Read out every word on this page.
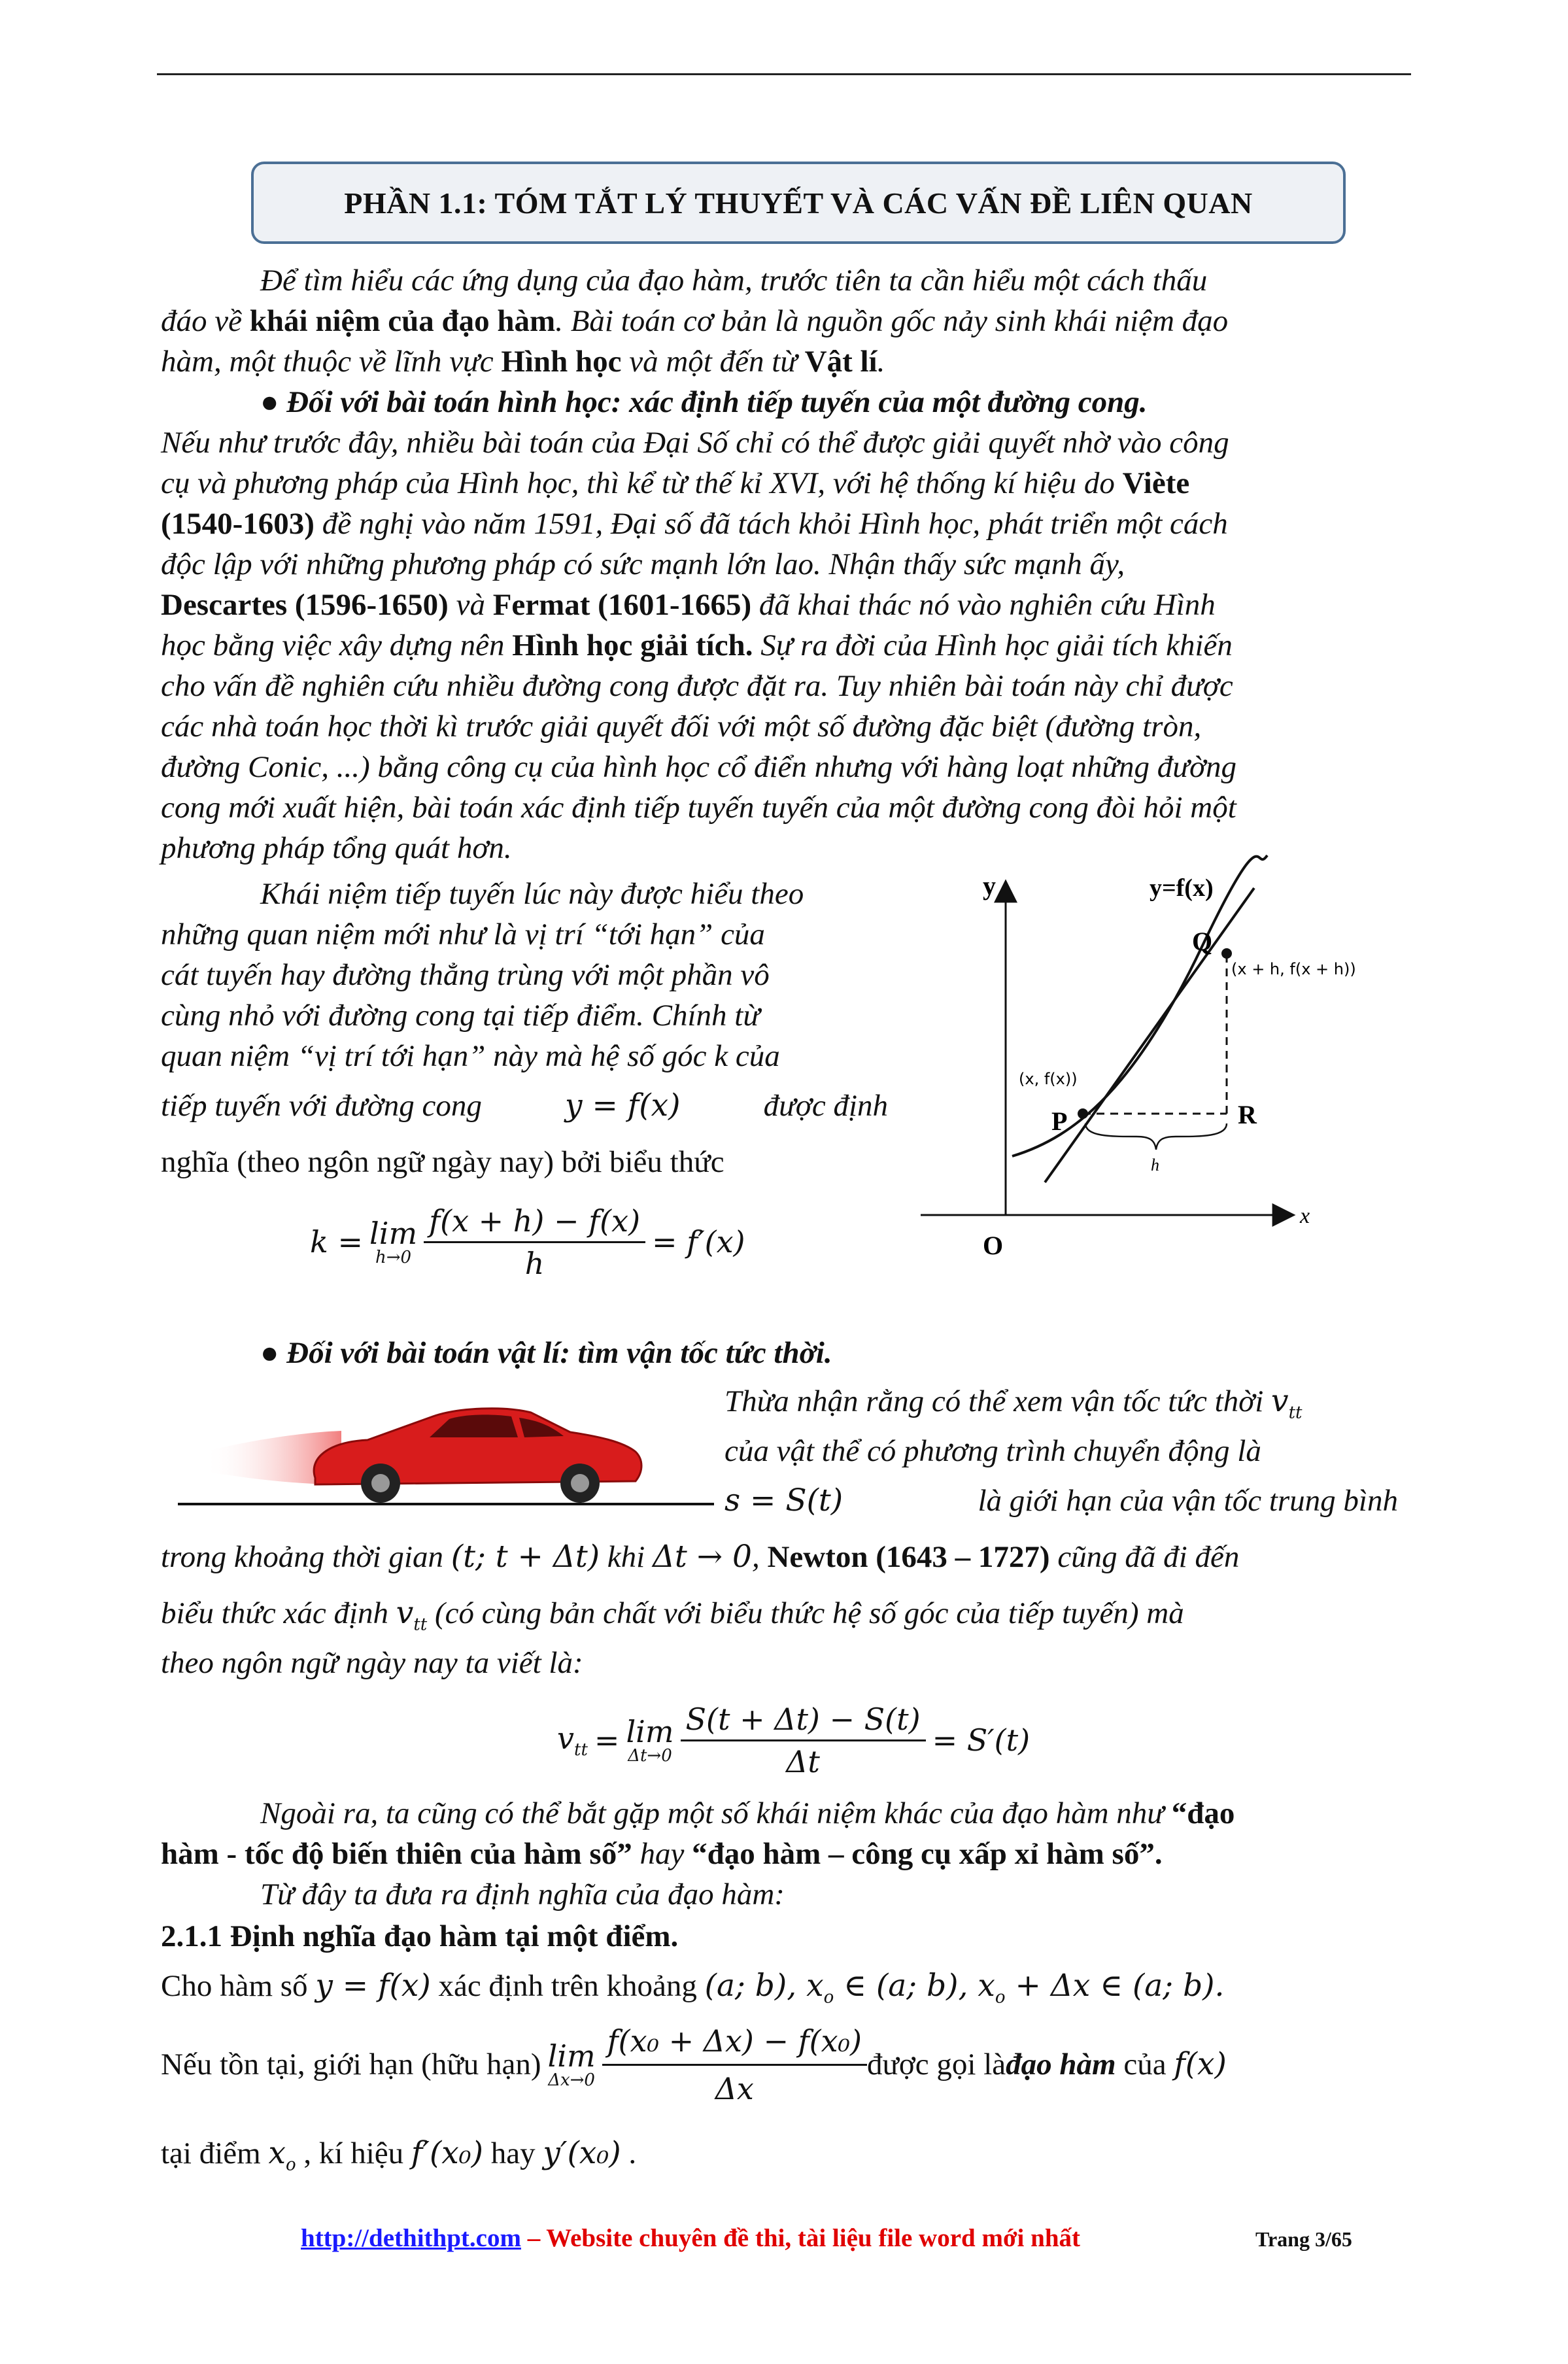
PHẦN 1.1: TÓM TẮT LÝ THUYẾT VÀ CÁC VẤN ĐỀ LIÊN QUAN
Để tìm hiểu các ứng dụng của đạo hàm, trước tiên ta cần hiểu một cách thấu
đáo về khái niệm của đạo hàm. Bài toán cơ bản là nguồn gốc nảy sinh khái niệm đạo
hàm, một thuộc về lĩnh vực Hình học và một đến từ Vật lí.
● Đối với bài toán hình học: xác định tiếp tuyến của một đường cong.
Nếu như trước đây, nhiều bài toán của Đại Số chỉ có thể được giải quyết nhờ vào công
cụ và phương pháp của Hình học, thì kể từ thế kỉ XVI, với hệ thống kí hiệu do Viète
(1540-1603) đề nghị vào năm 1591, Đại số đã tách khỏi Hình học, phát triển một cách
độc lập với những phương pháp có sức mạnh lớn lao. Nhận thấy sức mạnh ấy,
Descartes (1596-1650) và Fermat (1601-1665) đã khai thác nó vào nghiên cứu Hình
học bằng việc xây dựng nên Hình học giải tích. Sự ra đời của Hình học giải tích khiến
cho vấn đề nghiên cứu nhiều đường cong được đặt ra. Tuy nhiên bài toán này chỉ được
các nhà toán học thời kì trước giải quyết đối với một số đường đặc biệt (đường tròn,
đường Conic, ...) bằng công cụ của hình học cổ điển nhưng với hàng loạt những đường
cong mới xuất hiện, bài toán xác định tiếp tuyến tuyến của một đường cong đòi hỏi một
phương pháp tổng quát hơn.
Khái niệm tiếp tuyến lúc này được hiểu theo
những quan niệm mới như là vị trí “tới hạn” của
cát tuyến hay đường thẳng trùng với một phần vô
cùng nhỏ với đường cong tại tiếp điểm. Chính từ
quan niệm “vị trí tới hạn” này mà hệ số góc k của
tiếp tuyến với đường cong	y = f(x)	được định
nghĩa (theo ngôn ngữ ngày nay) bởi biểu thức
k = lim
$h\to 0 \frac{f(x + h) - f(x)}{h} = f'(x)$
y
x
O
y=f(x)
Q
P	R
(x + h, f(x + h))
(x, f(x))
h
● Đối với bài toán vật lí: tìm vận tốc tức thời.
Thừa nhận rằng có thể xem vận tốc tức thời $v_{tt}$
của vật thể có phương trình chuyển động là
s = S(t)	là giới hạn của vận tốc trung bình
trong khoảng thời gian (t; t + Δt) khi Δt → 0, Newton (1643 – 1727) cũng đã đi đến
biểu thức xác định $v_{tt}$ (có cùng bản chất với biểu thức hệ số góc của tiếp tuyến) mà
theo ngôn ngữ ngày nay ta viết là:
$v_{tt} = \lim$
$\Delta t\to 0 \frac{S(t + \Delta t) - S(t)}{\Delta t} = S'(t)$
Ngoài ra, ta cũng có thể bắt gặp một số khái niệm khác của đạo hàm như “đạo
hàm - tốc độ biến thiên của hàm số” hay “đạo hàm – công cụ xấp xỉ hàm số”.
Từ đây ta đưa ra định nghĩa của đạo hàm:
2.1.1 Định nghĩa đạo hàm tại một điểm.
Cho hàm số y = f(x) xác định trên khoảng (a; b), $x_o$ ∈ (a; b), $x_o + \Delta x$ ∈ (a; b).
Nếu tồn tại, giới hạn (hữu hạn) lim
$\Delta x\to 0 \frac{\text{f(x₀ + Δx) − f(x₀)}}{\Delta x}$ được gọi là đạo hàm của f(x)
tại điểm $x_o$ , kí hiệu f′(x₀) hay y′(x₀) .
http://dethithpt.com – Website chuyên đề thi, tài liệu file word mới nhất	Trang 3/65
